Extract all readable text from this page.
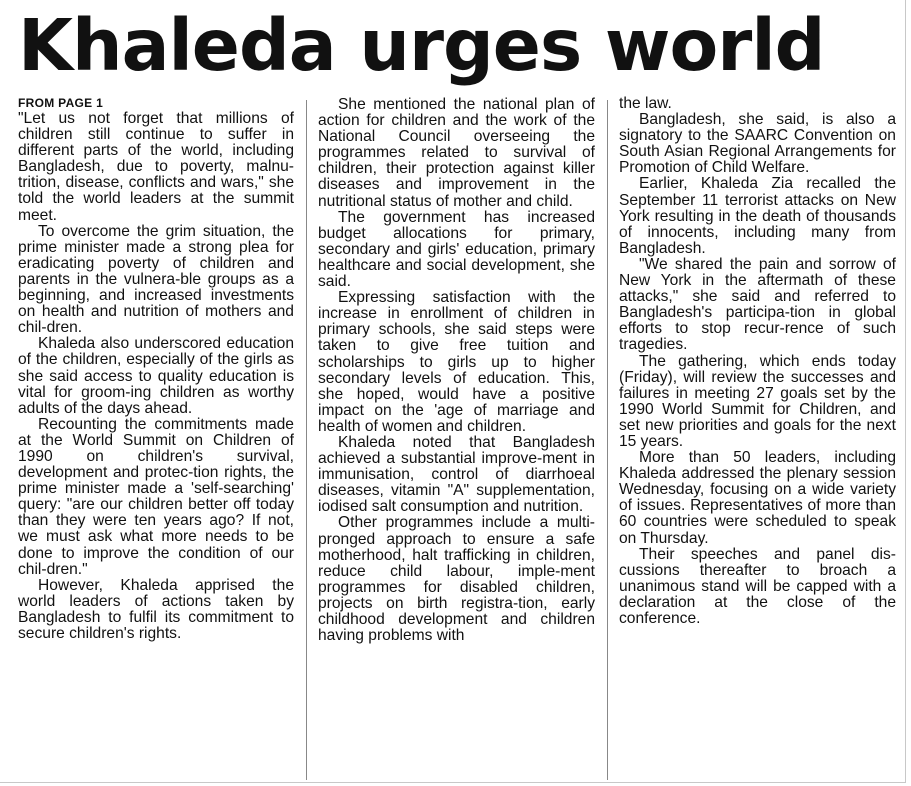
Khaleda urges world
FROM PAGE 1

"Let us not forget that millions of children still continue to suffer in different parts of the world, including Bangladesh, due to poverty, malnu-trition, disease, conflicts and wars," she told the world leaders at the summit meet.

To overcome the grim situation, the prime minister made a strong plea for eradicating poverty of children and parents in the vulnera-ble groups as a beginning, and increased investments on health and nutrition of mothers and chil-dren.

Khaleda also underscored education of the children, especially of the girls as she said access to quality education is vital for groom-ing children as worthy adults of the days ahead.

Recounting the commitments made at the World Summit on Children of 1990 on children's survival, development and protec-tion rights, the prime minister made a 'self-searching' query: "are our children better off today than they were ten years ago? If not, we must ask what more needs to be done to improve the condition of our chil-dren."

However, Khaleda apprised the world leaders of actions taken by Bangladesh to fulfil its commitment to secure children's rights.

She mentioned the national plan of action for children and the work of the National Council overseeing the programmes related to survival of children, their protection against killer diseases and improvement in the nutritional status of mother and child.

The government has increased budget allocations for primary, secondary and girls' education, primary healthcare and social development, she said.

Expressing satisfaction with the increase in enrollment of children in primary schools, she said steps were taken to give free tuition and scholarships to girls up to higher secondary levels of education. This, she hoped, would have a positive impact on the 'age of marriage and health of women and children.

Khaleda noted that Bangladesh achieved a substantial improve-ment in immunisation, control of diarrhoeal diseases, vitamin "A" supplementation, iodised salt consumption and nutrition.

Other programmes include a multi-pronged approach to ensure a safe motherhood, halt trafficking in children, reduce child labour, imple-ment programmes for disabled children, projects on birth registra-tion, early childhood development and children having problems with

the law.

Bangladesh, she said, is also a signatory to the SAARC Convention on South Asian Regional Arrangements for Promotion of Child Welfare.

Earlier, Khaleda Zia recalled the September 11 terrorist attacks on New York resulting in the death of thousands of innocents, including many from Bangladesh.

"We shared the pain and sorrow of New York in the aftermath of these attacks," she said and referred to Bangladesh's participa-tion in global efforts to stop recur-rence of such tragedies.

The gathering, which ends today (Friday), will review the successes and failures in meeting 27 goals set by the 1990 World Summit for Children, and set new priorities and goals for the next 15 years.

More than 50 leaders, including Khaleda addressed the plenary session Wednesday, focusing on a wide variety of issues. Representatives of more than 60 countries were scheduled to speak on Thursday.

Their speeches and panel dis-cussions thereafter to broach a unanimous stand will be capped with a declaration at the close of the conference.
